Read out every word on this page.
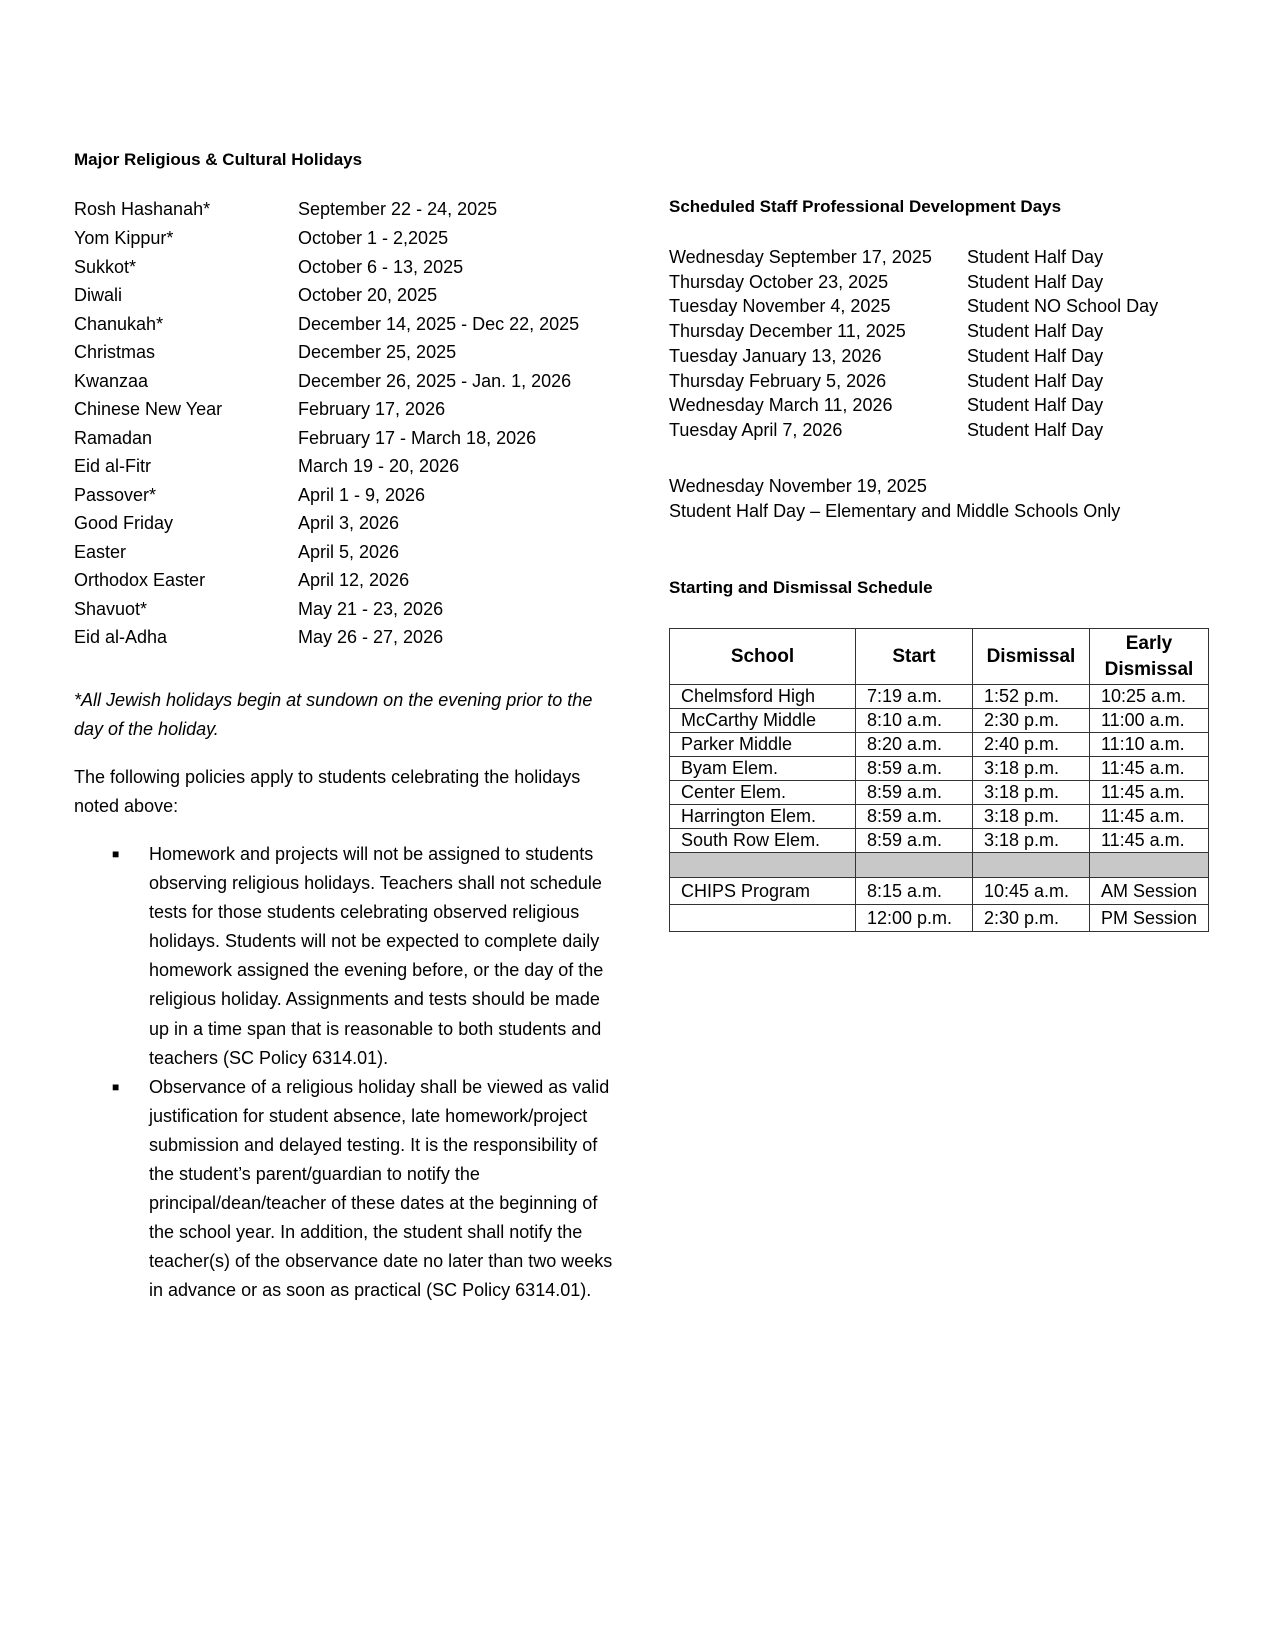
Major Religious & Cultural Holidays
Rosh Hashanah*	September 22 - 24, 2025
Yom Kippur*	October 1 - 2,2025
Sukkot*	October 6 - 13, 2025
Diwali	October 20, 2025
Chanukah*	December 14, 2025 - Dec 22, 2025
Christmas	December 25, 2025
Kwanzaa	December 26, 2025 - Jan. 1, 2026
Chinese New Year	February 17, 2026
Ramadan	February 17 - March 18, 2026
Eid al-Fitr	March 19 - 20, 2026
Passover*	April 1 - 9, 2026
Good Friday	April 3, 2026
Easter	April 5, 2026
Orthodox Easter	April 12, 2026
Shavuot*	May 21 - 23, 2026
Eid al-Adha	May 26 - 27, 2026
*All Jewish holidays begin at sundown on the evening prior to the day of the holiday.
The following policies apply to students celebrating the holidays noted above:
■ Homework and projects will not be assigned to students observing religious holidays. Teachers shall not schedule tests for those students celebrating observed religious holidays. Students will not be expected to complete daily homework assigned the evening before, or the day of the religious holiday. Assignments and tests should be made up in a time span that is reasonable to both students and teachers (SC Policy 6314.01).
■ Observance of a religious holiday shall be viewed as valid justification for student absence, late homework/project submission and delayed testing. It is the responsibility of the student’s parent/guardian to notify the principal/dean/teacher of these dates at the beginning of the school year. In addition, the student shall notify the teacher(s) of the observance date no later than two weeks in advance or as soon as practical (SC Policy 6314.01).
Scheduled Staff Professional Development Days
Wednesday September 17, 2025 Student Half Day
Thursday October 23, 2025	Student Half Day
Tuesday November 4, 2025	Student NO School Day
Thursday December 11, 2025	Student Half Day
Tuesday January 13, 2026	Student Half Day
Thursday February 5, 2026	Student Half Day
Wednesday March 11, 2026	Student Half Day
Tuesday April 7, 2026	Student Half Day
Wednesday November 19, 2025
Student Half Day – Elementary and Middle Schools Only
Starting and Dismissal Schedule
School	Start	Dismissal	Early Dismissal
Chelmsford High	7:19 a.m.	1:52 p.m.	10:25 a.m.
McCarthy Middle	8:10 a.m.	2:30 p.m.	11:00 a.m.
Parker Middle	8:20 a.m.	2:40 p.m.	11:10 a.m.
Byam Elem.	8:59 a.m.	3:18 p.m.	11:45 a.m.
Center Elem.	8:59 a.m.	3:18 p.m.	11:45 a.m.
Harrington Elem.	8:59 a.m.	3:18 p.m.	11:45 a.m.
South Row Elem.	8:59 a.m.	3:18 p.m.	11:45 a.m.

CHIPS Program	8:15 a.m.	10:45 a.m.	AM Session
	12:00 p.m.	2:30 p.m.	PM Session
